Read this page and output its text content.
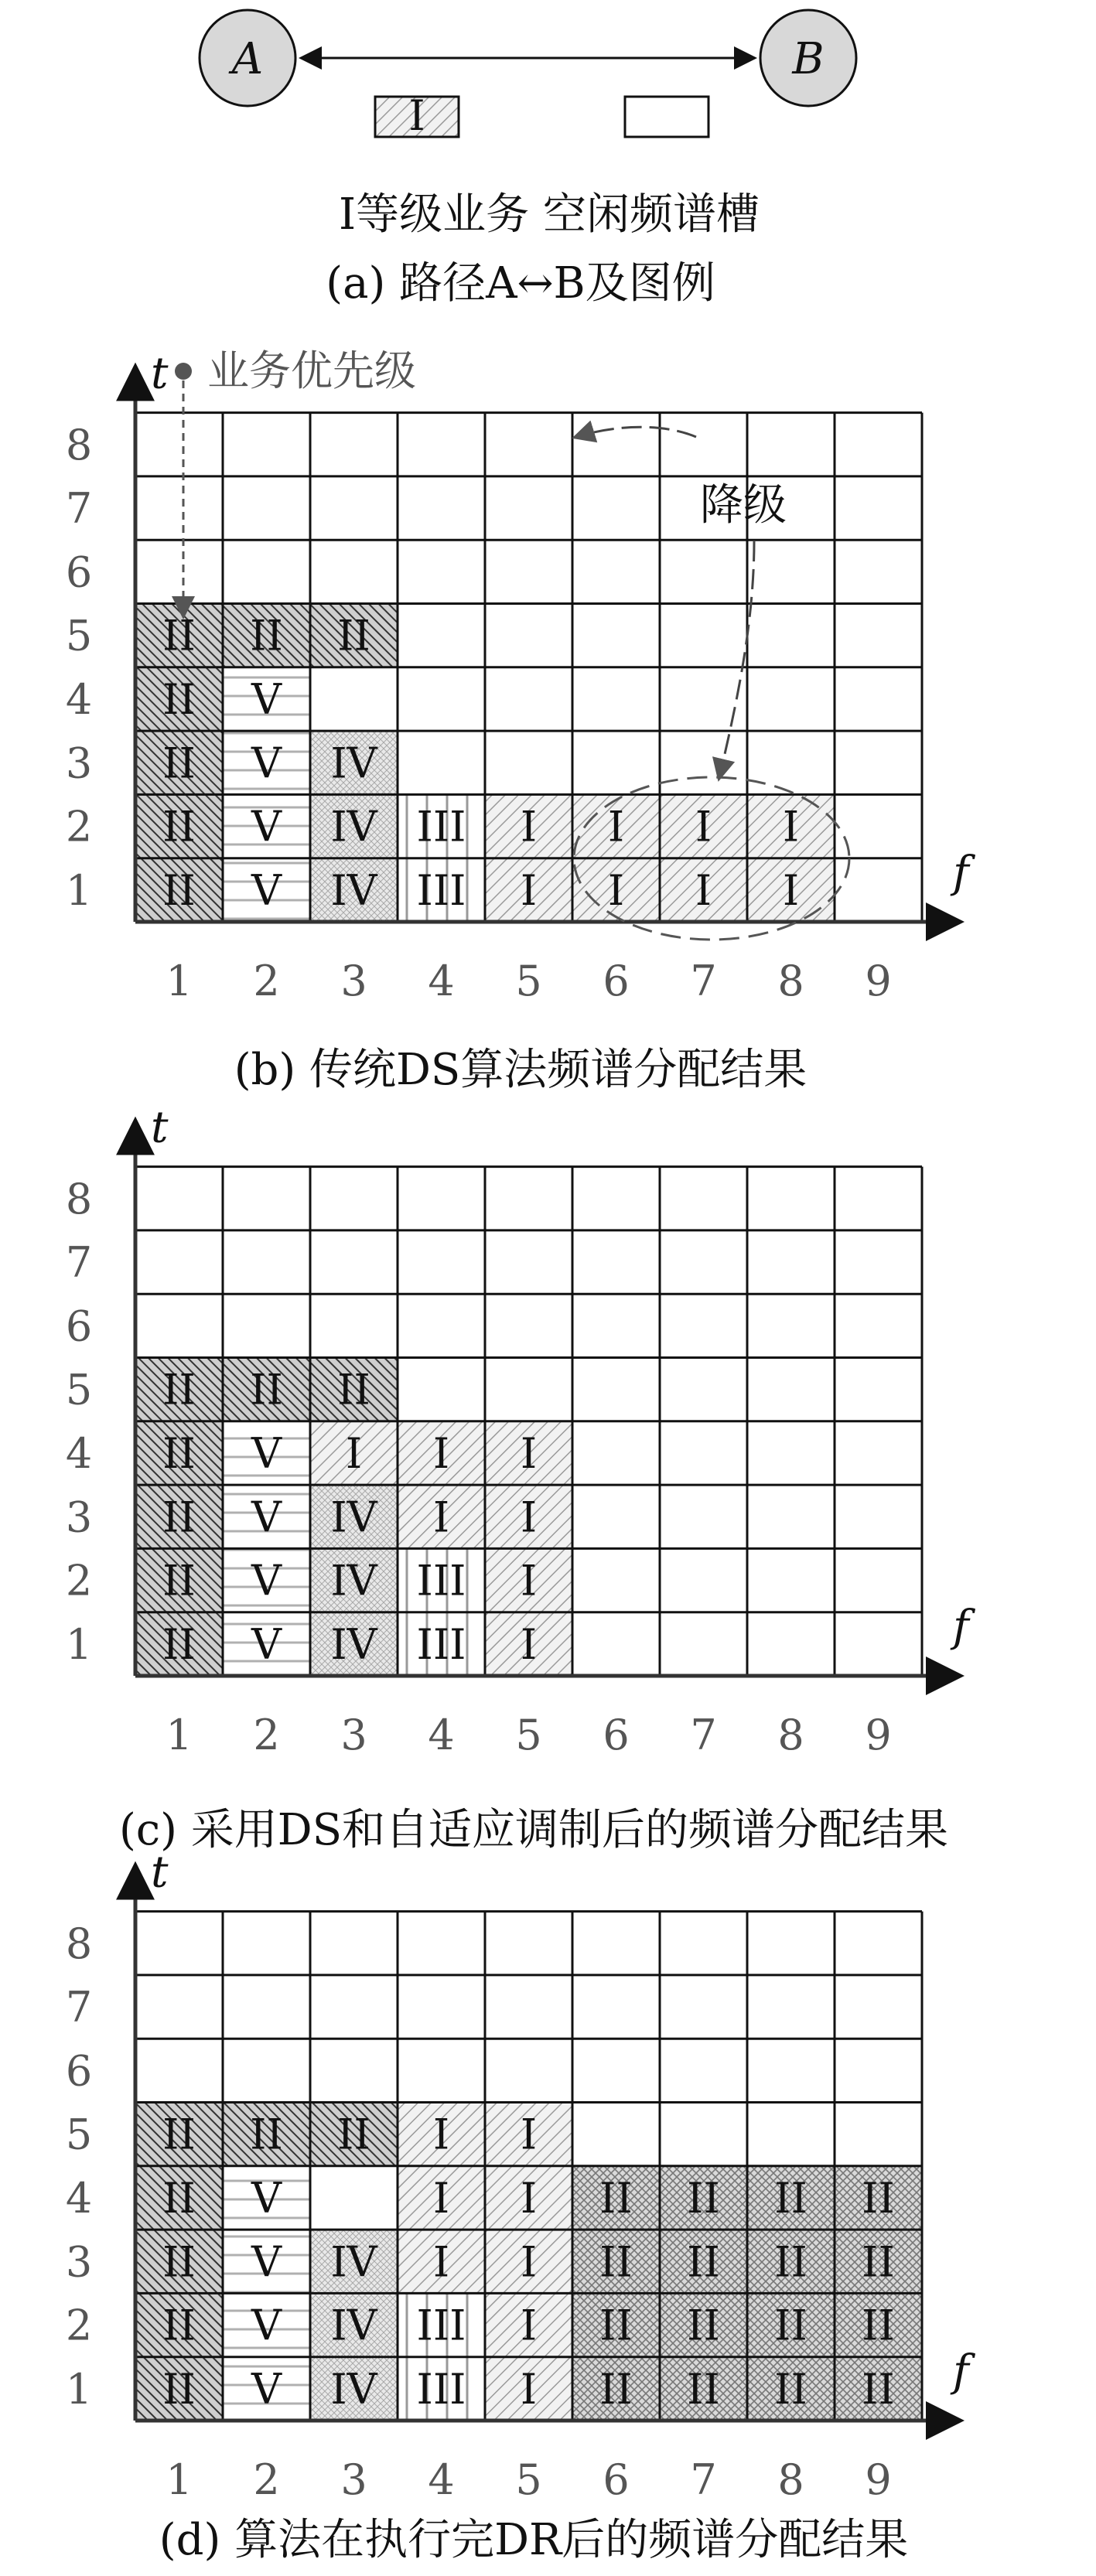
A	B
I
I等级业务 空闲频谱槽
(a) 路径A↔B及图例
II
II
II
II
II
V
V
V
V
II
IV
IV
IV
II
III
III
I
I
I
I
I
I
I
I
t
f
1 2 3 4 5 6 7 8 9
1
2
3
4
5
6
7
8
II
II
II
II
II
V
V
V
V
II
IV
IV
IV
I
II
III
III
I
I
I
I
I
I
t
f
1 2 3 4 5 6 7 8 9
1
2
3
4
5
6
7
8
II
II
II
II
II
V
V
V
V
II
IV
IV
IV
II
III
III
I
I
I
I
I
I
I
I
II
II
II
II
II
II
II
II
II
II
II
II
II
II
II
II
t
f
1 2 3 4 5 6 7 8 9
1
2
3
4
5
6
7
8
业务优先级
降级
(b) 传统DS算法频谱分配结果
(c) 采用DS和自适应调制后的频谱分配结果
(d) 算法在执行完DR后的频谱分配结果
